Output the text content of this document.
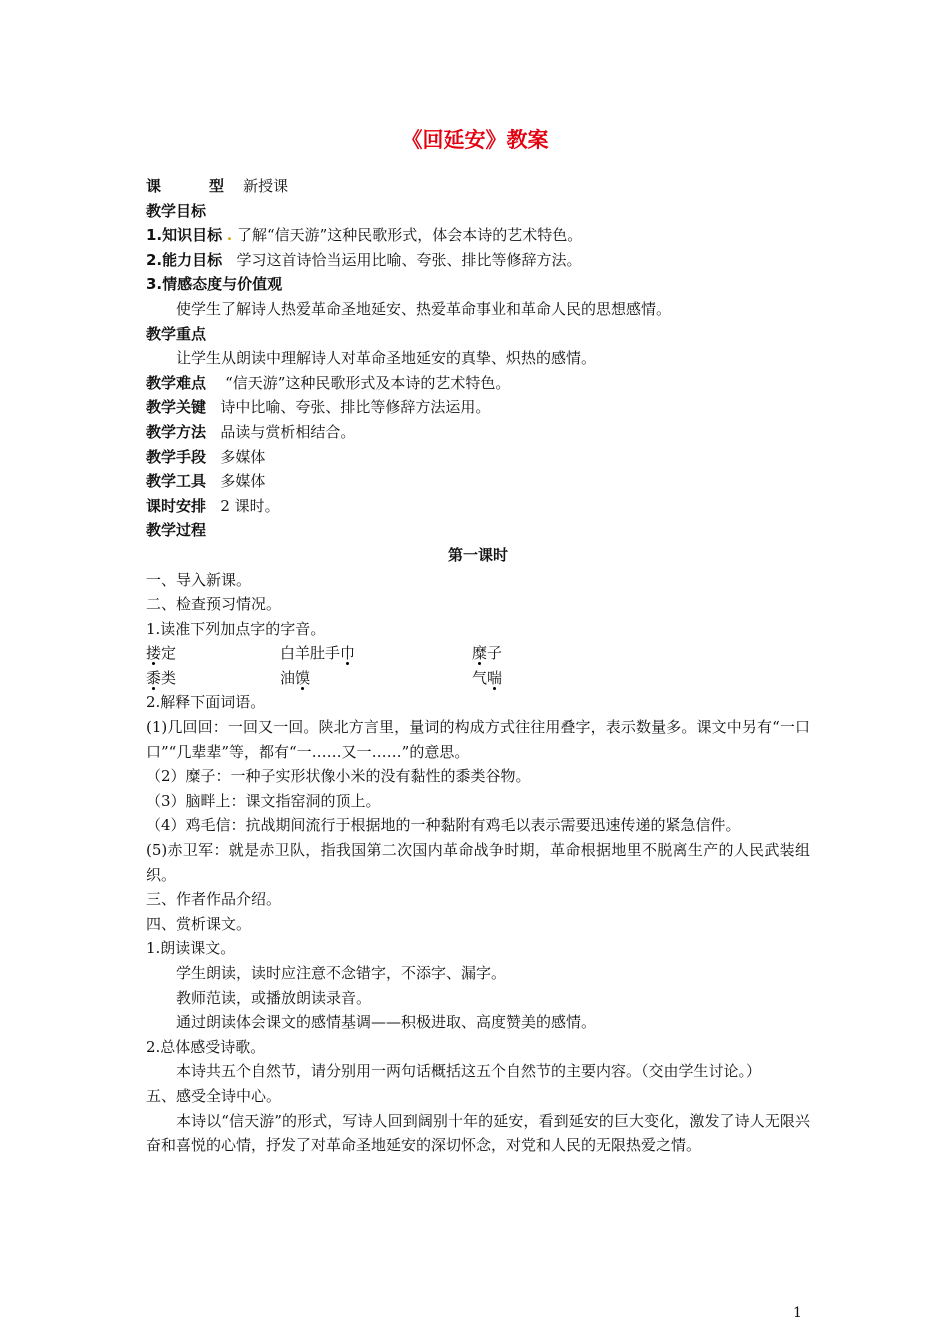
《回延安》教案
课	型 新授课
教学目标
1.知识目标 . 了解“信天游”这种民歌形式，体会本诗的艺术特色。
2.能力目标 学习这首诗恰当运用比喻、夸张、排比等修辞方法。
3.情感态度与价值观
使学生了解诗人热爱革命圣地延安、热爱革命事业和革命人民的思想感情。
教学重点
让学生从朗读中理解诗人对革命圣地延安的真挚、炽热的感情。
教学难点 “信天游”这种民歌形式及本诗的艺术特色。
教学关键 诗中比喻、夸张、排比等修辞方法运用。
教学方法 品读与赏析相结合。
教学手段 多媒体
教学工具 多媒体
课时安排 2 课时。
教学过程
第一课时
一、导入新课。
二、检查预习情况。
1.读准下列加点字的字音。
搂定	白羊肚手巾	糜子
黍类	油馍	气喘
2.解释下面词语。
(1)几回回：一回又一回。陕北方言里，量词的构成方式往往用叠字，表示数量多。课文中另有“一口口”“几辈辈”等，都有“一……又一……”的意思。
（2）糜子：一种子实形状像小米的没有黏性的黍类谷物。
（3）脑畔上：课文指窑洞的顶上。
（4）鸡毛信：抗战期间流行于根据地的一种黏附有鸡毛以表示需要迅速传递的紧急信件。
(5)赤卫军：就是赤卫队，指我国第二次国内革命战争时期，革命根据地里不脱离生产的人民武装组织。
三、作者作品介绍。
四、赏析课文。
1.朗读课文。
学生朗读，读时应注意不念错字，不添字、漏字。
教师范读，或播放朗读录音。
通过朗读体会课文的感情基调——积极进取、高度赞美的感情。
2.总体感受诗歌。
本诗共五个自然节，请分别用一两句话概括这五个自然节的主要内容。（交由学生讨论。）
五、感受全诗中心。
本诗以“信天游”的形式，写诗人回到阔别十年的延安，看到延安的巨大变化，激发了诗人无限兴奋和喜悦的心情，抒发了对革命圣地延安的深切怀念，对党和人民的无限热爱之情。
1
